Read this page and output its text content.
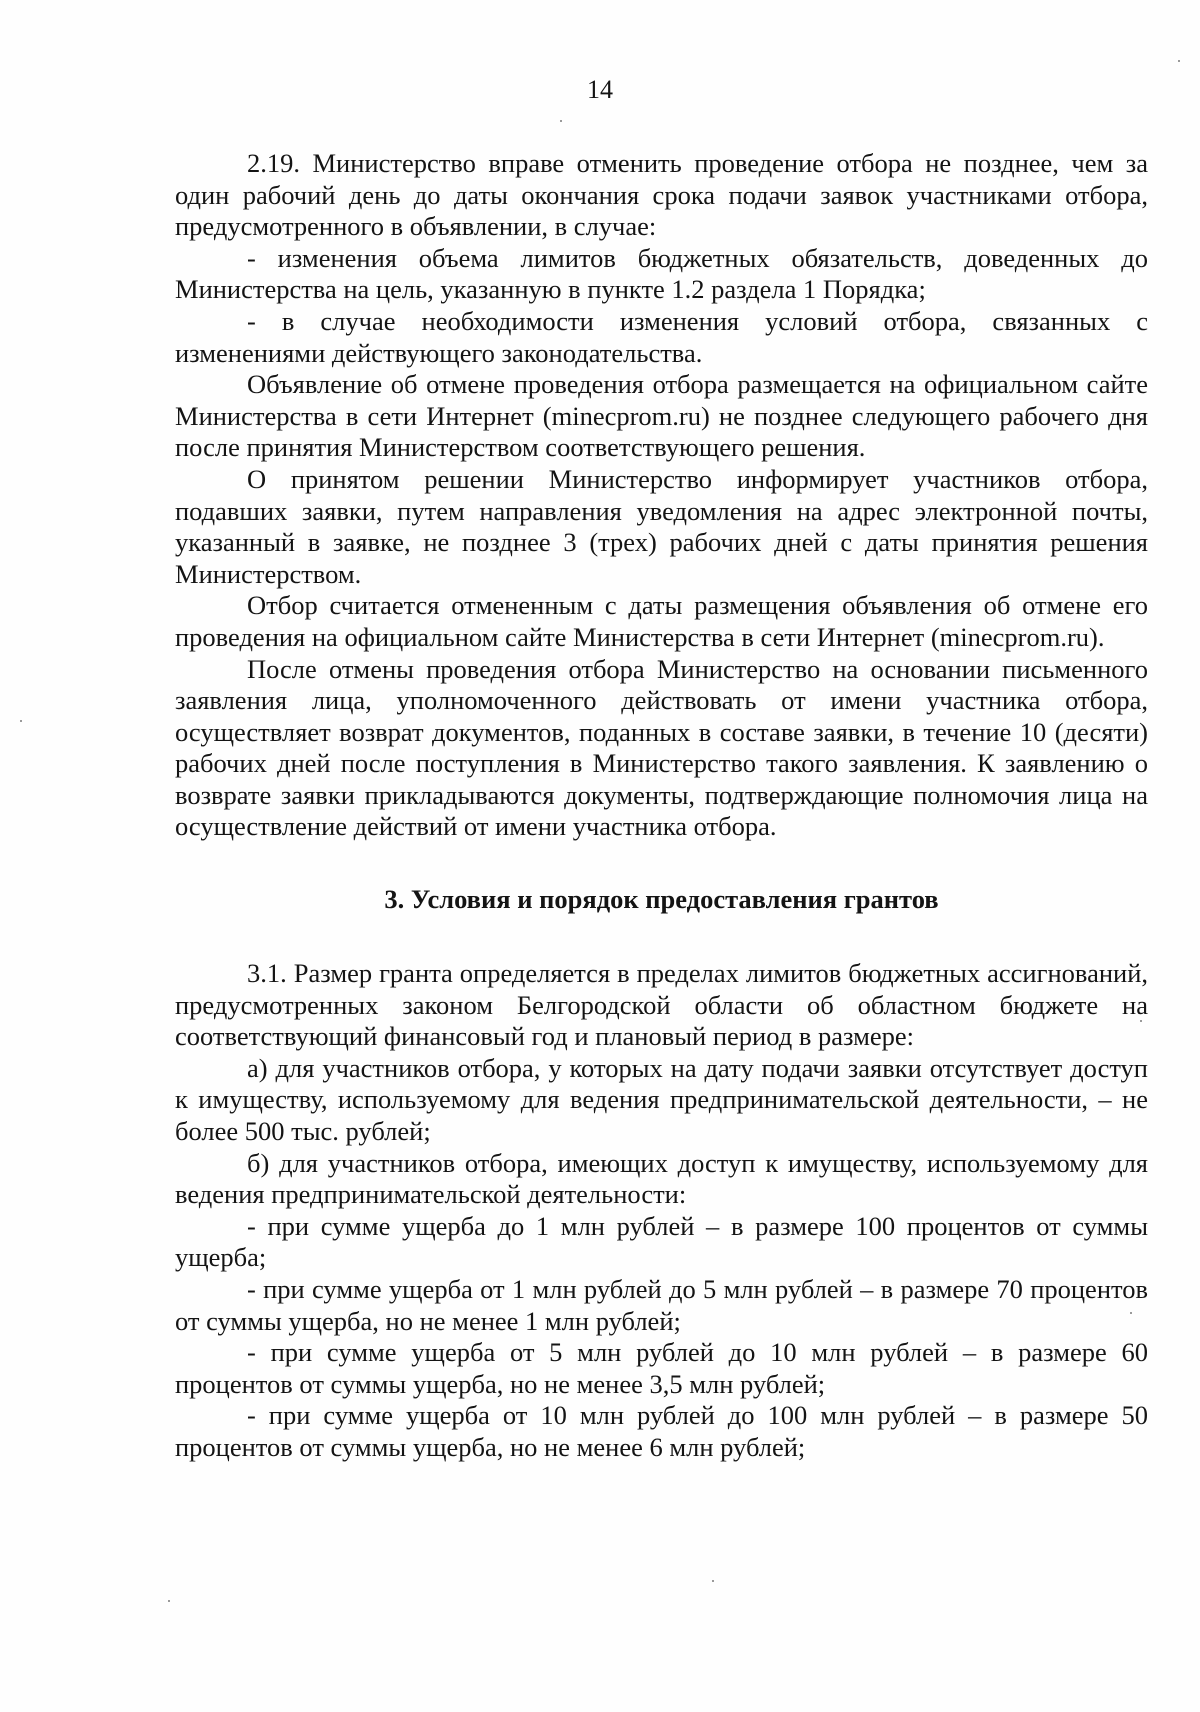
14

2.19. Министерство вправе отменить проведение отбора не позднее, чем за один рабочий день до даты окончания срока подачи заявок участниками отбора, предусмотренного в объявлении, в случае:

- изменения объема лимитов бюджетных обязательств, доведенных до Министерства на цель, указанную в пункте 1.2 раздела 1 Порядка;

- в случае необходимости изменения условий отбора, связанных с изменениями действующего законодательства.

Объявление об отмене проведения отбора размещается на официальном сайте Министерства в сети Интернет (minecprom.ru) не позднее следующего рабочего дня после принятия Министерством соответствующего решения.

О принятом решении Министерство информирует участников отбора, подавших заявки, путем направления уведомления на адрес электронной почты, указанный в заявке, не позднее 3 (трех) рабочих дней с даты принятия решения Министерством.

Отбор считается отмененным с даты размещения объявления об отмене его проведения на официальном сайте Министерства в сети Интернет (minecprom.ru).

После отмены проведения отбора Министерство на основании письменного заявления лица, уполномоченного действовать от имени участника отбора, осуществляет возврат документов, поданных в составе заявки, в течение 10 (десяти) рабочих дней после поступления в Министерство такого заявления. К заявлению о возврате заявки прикладываются документы, подтверждающие полномочия лица на осуществление действий от имени участника отбора.

3. Условия и порядок предоставления грантов

3.1. Размер гранта определяется в пределах лимитов бюджетных ассигнований, предусмотренных законом Белгородской области об областном бюджете на соответствующий финансовый год и плановый период в размере:

а) для участников отбора, у которых на дату подачи заявки отсутствует доступ к имуществу, используемому для ведения предпринимательской деятельности, – не более 500 тыс. рублей;

б) для участников отбора, имеющих доступ к имуществу, используемому для ведения предпринимательской деятельности:

- при сумме ущерба до 1 млн рублей – в размере 100 процентов от суммы ущерба;

- при сумме ущерба от 1 млн рублей до 5 млн рублей – в размере 70 процентов от суммы ущерба, но не менее 1 млн рублей;

- при сумме ущерба от 5 млн рублей до 10 млн рублей – в размере 60 процентов от суммы ущерба, но не менее 3,5 млн рублей;

- при сумме ущерба от 10 млн рублей до 100 млн рублей – в размере 50 процентов от суммы ущерба, но не менее 6 млн рублей;
